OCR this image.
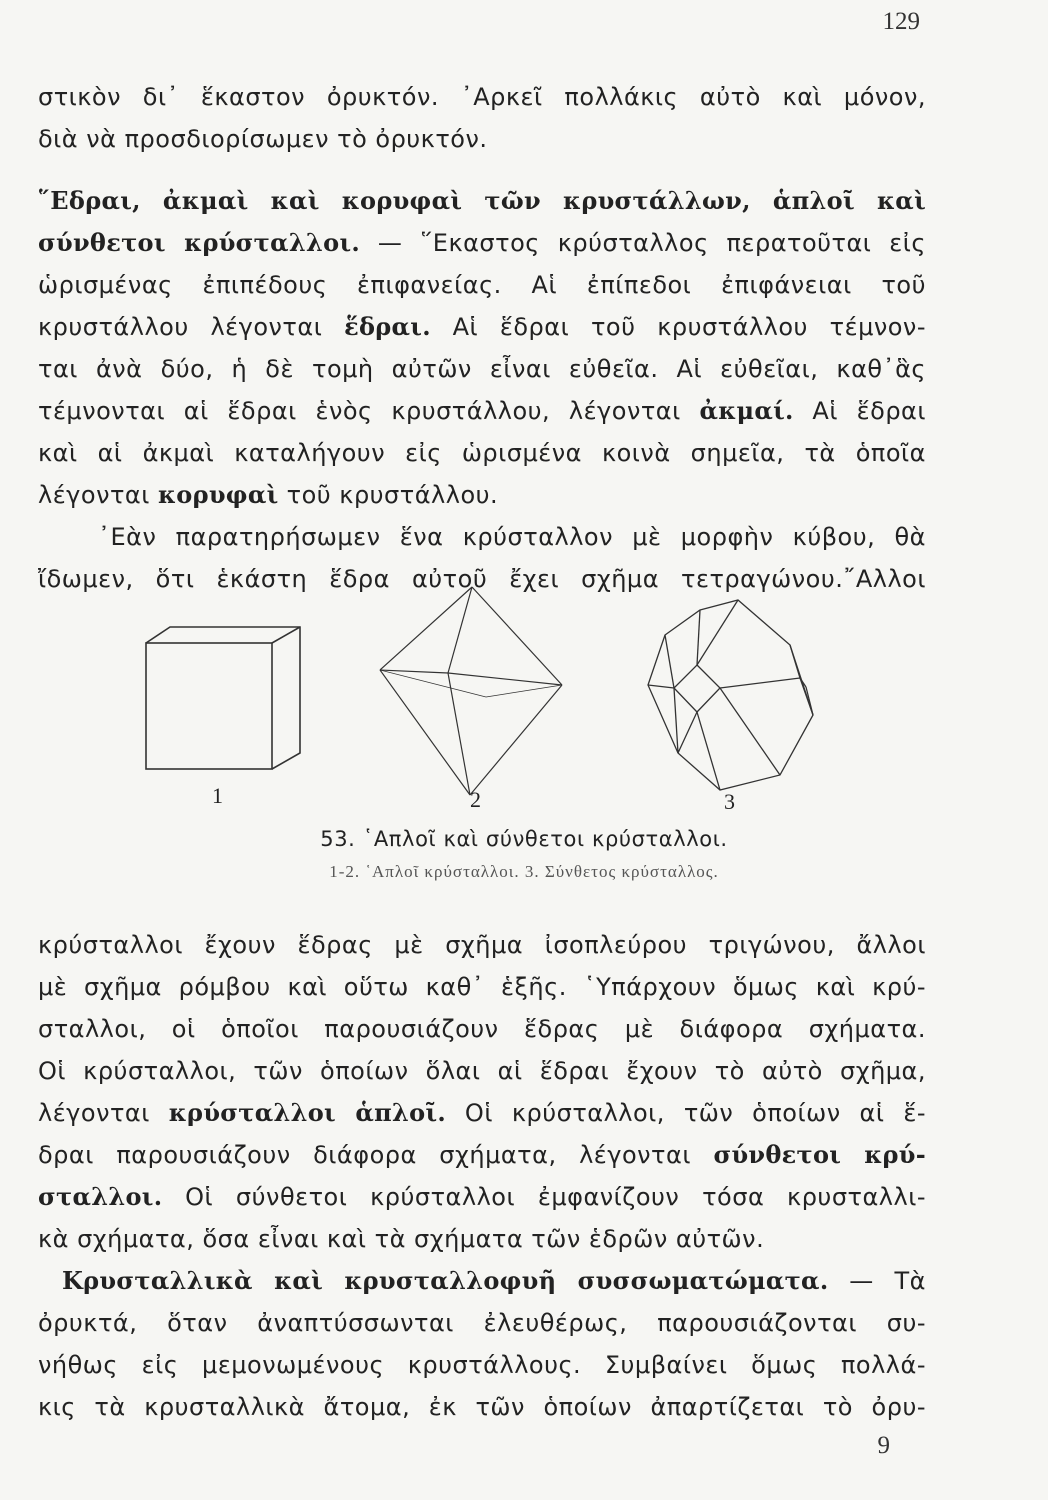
129
στικὸν δι᾽ ἕκαστον ὀρυκτόν. ᾿Αρκεῖ πολλάκις αὐτὸ καὶ μόνον,
διὰ νὰ προσδιορίσωμεν τὸ ὀρυκτόν.
῞Εδραι, ἀκμαὶ καὶ κορυφαὶ τῶν κρυστάλλων, ἁπλοῖ καὶ
σύνθετοι κρύσταλλοι. — ῞Εκαστος κρύσταλλος περατοῦται εἰς
ὡρισμένας ἐπιπέδους ἐπιφανείας. Αἱ ἐπίπεδοι ἐπιφάνειαι τοῦ
κρυστάλλου λέγονται ἕδραι. Αἱ ἕδραι τοῦ κρυστάλλου τέμνον-
ται ἀνὰ δύο, ἡ δὲ τομὴ αὐτῶν εἶναι εὐθεῖα. Αἱ εὐθεῖαι, καθ᾽ἃς
τέμνονται αἱ ἕδραι ἑνὸς κρυστάλλου, λέγονται ἀκμαί. Αἱ ἕδραι
καὶ αἱ ἀκμαὶ καταλήγουν εἰς ὡρισμένα κοινὰ σημεῖα, τὰ ὁποῖα
λέγονται κορυφαὶ τοῦ κρυστάλλου.
᾿Εὰν παρατηρήσωμεν ἕνα κρύσταλλον μὲ μορφὴν κύβου, θὰ
ἴδωμεν, ὅτι ἑκάστη ἕδρα αὐτοῦ ἔχει σχῆμα τετραγώνου.῎Αλλοι
1	2	3
53. ῾Απλοῖ καὶ σύνθετοι κρύσταλλοι.
1-2. ῾Απλοῖ κρύσταλλοι. 3. Σύνθετος κρύσταλλος.
κρύσταλλοι ἔχουν ἕδρας μὲ σχῆμα ἰσοπλεύρου τριγώνου, ἄλλοι
μὲ σχῆμα ρόμβου καὶ οὕτω καθ᾽ ἑξῆς. ῾Υπάρχουν ὅμως καὶ κρύ-
σταλλοι, οἱ ὁποῖοι παρουσιάζουν ἕδρας μὲ διάφορα σχήματα.
Οἱ κρύσταλλοι, τῶν ὁποίων ὅλαι αἱ ἕδραι ἔχουν τὸ αὐτὸ σχῆμα,
λέγονται κρύσταλλοι ἁπλοῖ. Οἱ κρύσταλλοι, τῶν ὁποίων αἱ ἕ-
δραι παρουσιάζουν διάφορα σχήματα, λέγονται σύνθετοι κρύ-
σταλλοι. Οἱ σύνθετοι κρύσταλλοι ἐμφανίζουν τόσα κρυσταλλι-
κὰ σχήματα, ὅσα εἶναι καὶ τὰ σχήματα τῶν ἑδρῶν αὐτῶν.
Κρυσταλλικὰ καὶ κρυσταλλοφυῆ συσσωματώματα. — Τὰ
ὀρυκτά, ὅταν ἀναπτύσσωνται ἐλευθέρως, παρουσιάζονται συ-
νήθως εἰς μεμονωμένους κρυστάλλους. Συμβαίνει ὅμως πολλά-
κις τὰ κρυσταλλικὰ ἄτομα, ἐκ τῶν ὁποίων ἀπαρτίζεται τὸ ὀρυ-
9
